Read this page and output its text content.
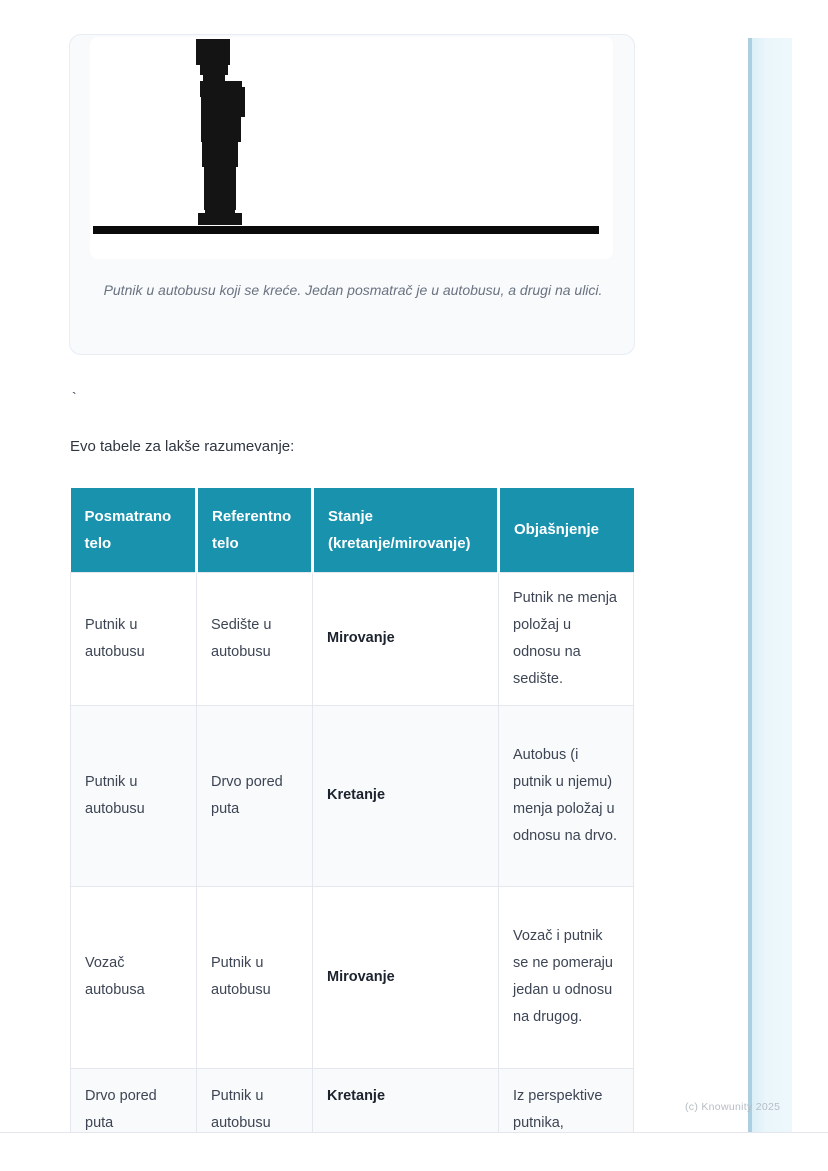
Putnik u autobusu koji se kreće. Jedan posmatrač je u autobusu, a drugi na ulici.
`
Evo tabele za lakše razumevanje:
Posmatrano telo	Referentno telo	Stanje (kretanje/mirovanje)	Objašnjenje
Putnik u autobusu	Sedište u autobusu	Mirovanje	Putnik ne menja položaj u odnosu na sedište.
Putnik u autobusu	Drvo pored puta	Kretanje	Autobus (i putnik u njemu) menja položaj u odnosu na drvo.
Vozač autobusa	Putnik u autobusu	Mirovanje	Vozač i putnik se ne pomeraju jedan u odnosu na drugog.
Drvo pored puta	Putnik u autobusu	Kretanje	Iz perspektive putnika,
(c) Knowunity 2025
